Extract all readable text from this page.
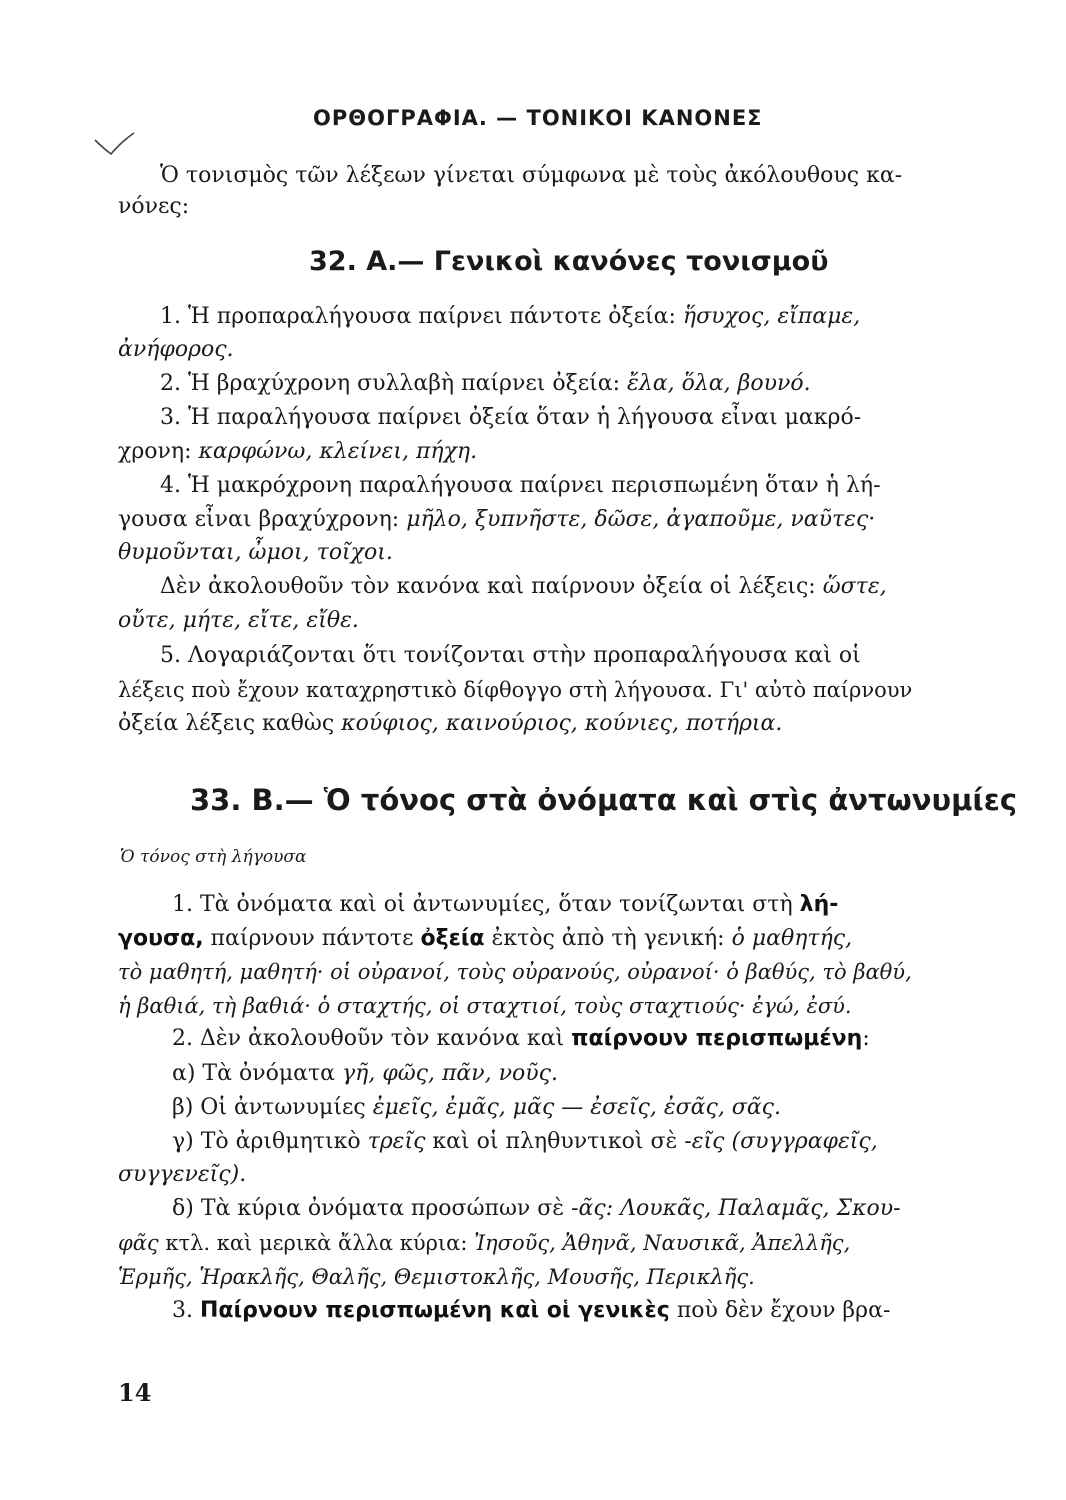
ΟΡΘΟΓΡΑΦΙΑ. — ΤΟΝΙΚΟΙ ΚΑΝΟΝΕΣ
Ὁ τονισμὸς τῶν λέξεων γίνεται σύμφωνα μὲ τοὺς ἀκόλουθους κα-
νόνες:
32. Α.— Γενικοὶ κανόνες τονισμοῦ
1. Ἡ προπαραλήγουσα παίρνει πάντοτε ὀξεία: ἥσυχος, εἴπαμε,
ἀνήφορος.
2. Ἡ βραχύχρονη συλλαβὴ παίρνει ὀξεία: ἔλα, ὅλα, βουνό.
3. Ἡ παραλήγουσα παίρνει ὀξεία ὅταν ἡ λήγουσα εἶναι μακρό-
χρονη: καρφώνω, κλείνει, πήχη.
4. Ἡ μακρόχρονη παραλήγουσα παίρνει περισπωμένη ὅταν ἡ λή-
γουσα εἶναι βραχύχρονη: μῆλο, ξυπνῆστε, δῶσε, ἀγαποῦμε, ναῦτες·
θυμοῦνται, ὦμοι, τοῖχοι.
Δὲν ἀκολουθοῦν τὸν κανόνα καὶ παίρνουν ὀξεία οἱ λέξεις: ὥστε,
οὔτε, μήτε, εἴτε, εἴθε.
5. Λογαριάζονται ὅτι τονίζονται στὴν προπαραλήγουσα καὶ οἱ
λέξεις ποὺ ἔχουν καταχρηστικὸ δίφθογγο στὴ λήγουσα. Γι' αὐτὸ παίρνουν
ὀξεία λέξεις καθὼς κούφιος, καινούριος, κούνιες, ποτήρια.
33. Β.— Ὁ τόνος στὰ ὀνόματα καὶ στὶς ἀντωνυμίες
Ὁ τόνος στὴ λήγουσα
1. Τὰ ὀνόματα καὶ οἱ ἀντωνυμίες, ὅταν τονίζωνται στὴ λή-
γουσα, παίρνουν πάντοτε ὀξεία ἐκτὸς ἀπὸ τὴ γενική: ὁ μαθητής,
τὸ μαθητή, μαθητή· οἱ οὐρανοί, τοὺς οὐρανούς, οὐρανοί· ὁ βαθύς, τὸ βαθύ,
ἡ βαθιά, τὴ βαθιά· ὁ σταχτής, οἱ σταχτιοί, τοὺς σταχτιούς· ἐγώ, ἐσύ.
2. Δὲν ἀκολουθοῦν τὸν κανόνα καὶ παίρνουν περισπωμένη:
α) Τὰ ὀνόματα γῆ, φῶς, πᾶν, νοῦς.
β) Οἱ ἀντωνυμίες ἐμεῖς, ἐμᾶς, μᾶς — ἐσεῖς, ἐσᾶς, σᾶς.
γ) Τὸ ἀριθμητικὸ τρεῖς καὶ οἱ πληθυντικοὶ σὲ -εῖς (συγγραφεῖς,
συγγενεῖς).
δ) Τὰ κύρια ὀνόματα προσώπων σὲ -ᾶς: Λουκᾶς, Παλαμᾶς, Σκου-
φᾶς κτλ. καὶ μερικὰ ἄλλα κύρια: Ἰησοῦς, Ἀθηνᾶ, Ναυσικᾶ, Ἀπελλῆς,
Ἑρμῆς, Ἡρακλῆς, Θαλῆς, Θεμιστοκλῆς, Μουσῆς, Περικλῆς.
3. Παίρνουν περισπωμένη καὶ οἱ γενικὲς ποὺ δὲν ἔχουν βρα-
14
